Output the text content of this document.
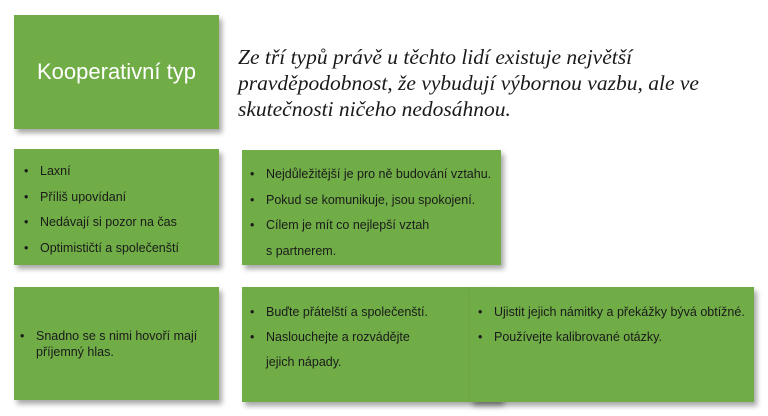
Kooperativní typ
Ze tří typů právě u těchto lidí existuje největší pravděpodobnost, že vybudují výbornou vazbu, ale ve skutečnosti ničeho nedosáhnou.
• Laxní
• Příliš upovídaní
• Nedávají si pozor na čas
• Optimističtí a společenští
• Nejdůležitější je pro ně budování vztahu.
• Pokud se komunikuje, jsou spokojení.
• Cílem je mít co nejlepší vztah
s partnerem.
• Snadno se s nimi hovoří mají příjemný hlas.
• Buďte přátelští a společenští.
• Naslouchejte a rozvádějte
jejich nápady.
• Ujistit jejich námitky a překážky bývá obtížné.
• Používejte kalibrované otázky.
